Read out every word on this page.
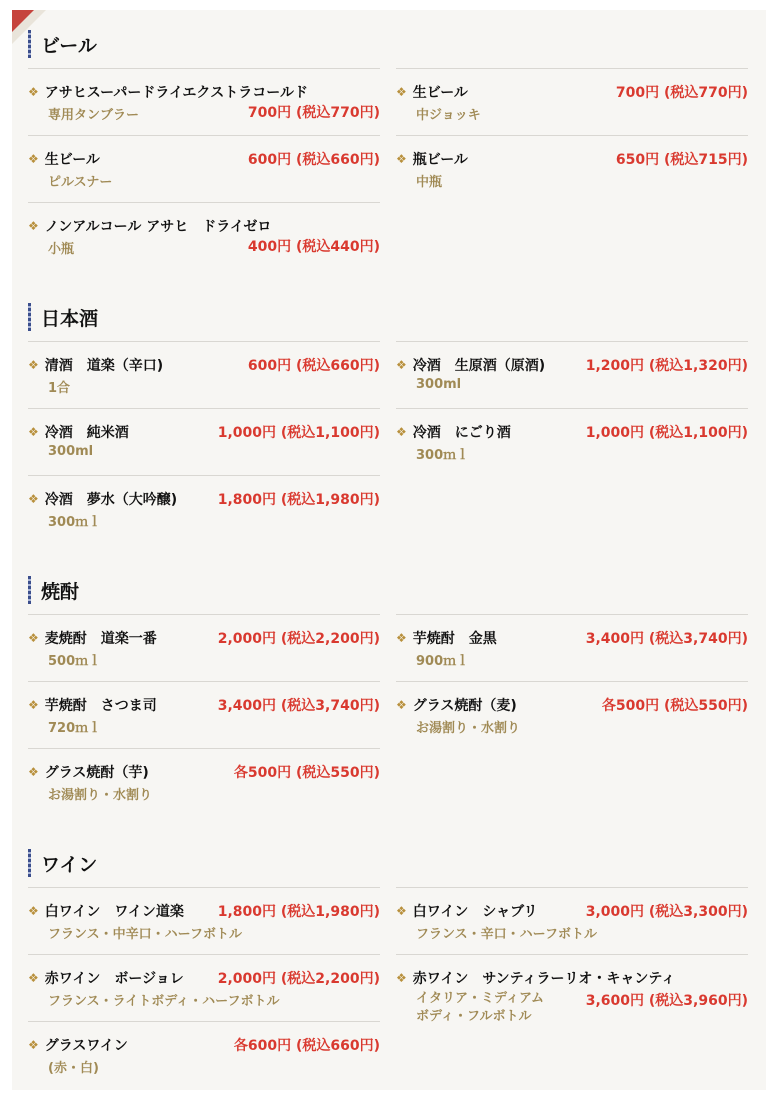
ビール
❖ アサヒスーパードライエクストラコールド
専用タンブラー	700円 (税込770円)
❖ 生ビール	700円 (税込770円)
中ジョッキ
❖ 生ビール	600円 (税込660円)
ピルスナー
❖ 瓶ビール	650円 (税込715円)
中瓶
❖ ノンアルコール アサヒ　ドライゼロ
小瓶	400円 (税込440円)
日本酒
❖ 清酒　道楽（辛口)	600円 (税込660円)
1合
❖ 冷酒　生原酒（原酒)	1,200円 (税込1,320円)
300ml
❖ 冷酒　純米酒	1,000円 (税込1,100円)
300ml
❖ 冷酒　にごり酒	1,000円 (税込1,100円)
300ｍｌ
❖ 冷酒　夢水（大吟醸)	1,800円 (税込1,980円)
300ｍｌ
焼酎
❖ 麦焼酎　道楽一番	2,000円 (税込2,200円)
500ｍｌ
❖ 芋焼酎　金黒	3,400円 (税込3,740円)
900ｍｌ
❖ 芋焼酎　さつま司	3,400円 (税込3,740円)
720ｍｌ
❖ グラス焼酎（麦)	各500円 (税込550円)
お湯割り・水割り
❖ グラス焼酎（芋)	各500円 (税込550円)
お湯割り・水割り
ワイン
❖ 白ワイン　ワイン道楽 1,800円 (税込1,980円)
フランス・中辛口・ハーフボトル
❖ 白ワイン　シャブリ	3,000円 (税込3,300円)
フランス・辛口・ハーフボトル
❖ 赤ワイン　ボージョレ 2,000円 (税込2,200円)
フランス・ライトボディ・ハーフボトル
❖ 赤ワイン　サンティラーリオ・キャンティ
イタリア・ミディアムボディ・フルボトル
3,600円 (税込3,960円)
❖ グラスワイン	各600円 (税込660円)
(赤・白)
